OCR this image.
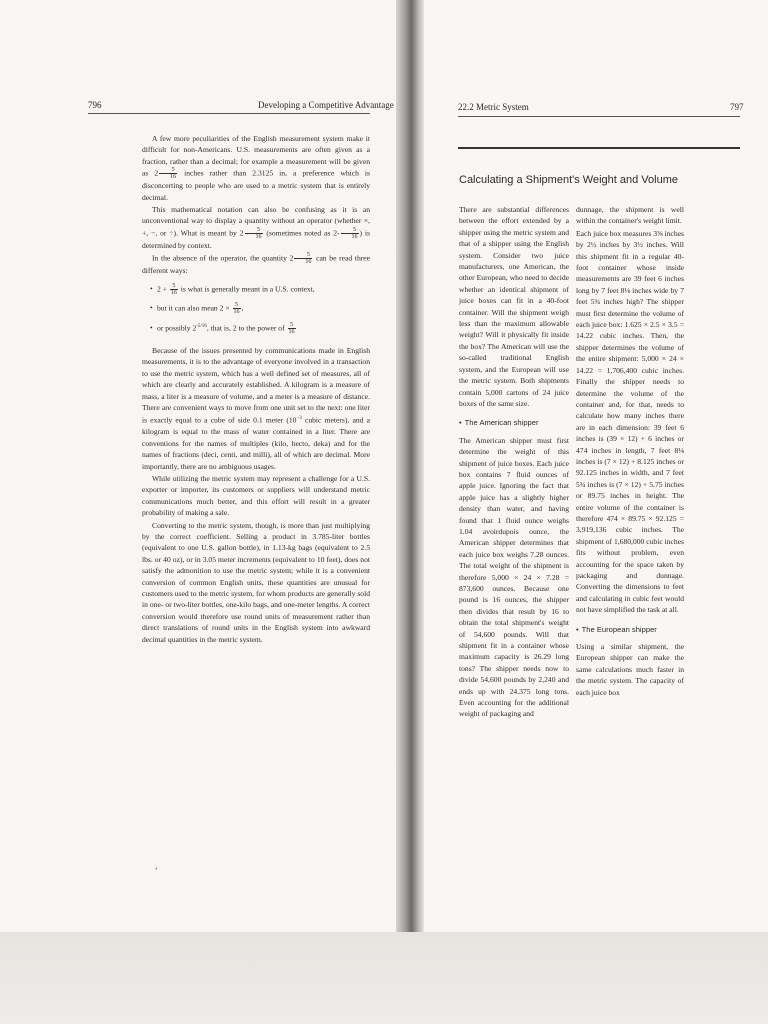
796	Developing a Competitive Advantage

A few more peculiarities of the English measurement system make it difficult for non-Americans. U.S. measurements are often given as a fraction, rather than a decimal; for example a measurement will be given as $2 \frac{5}{16}$ inches rather than 2.3125 in, a preference which is disconcerting to people who are used to a metric system that is entirely decimal.

This mathematical notation can also be confusing as it is an unconventional way to display a quantity without an operator (whether ×, +, −, or ÷). What is meant by $2 \frac{5}{16}$ (sometimes noted as $2- \frac{5}{16}$ ) is determined by context.

In the absence of the operator, the quantity $2 \frac{5}{16}$ can be read three different ways:

• $2 + \frac{5}{16}$ is what is generally meant in a U.S. context,
• but it can also mean $2 \times \frac{5}{16}$ ,
• or possibly $2^{-5/16}$, that is, 2 to the power of $\frac{5}{16}$

Because of the issues presented by communications made in English measurements, it is to the advantage of everyone involved in a transaction to use the metric system, which has a well defined set of measures, all of which are clearly and accurately established. A kilogram is a measure of mass, a liter is a measure of volume, and a meter is a measure of distance. There are convenient ways to move from one unit set to the next: one liter is exactly equal to a cube of side 0.1 meter ($10^{-3}$ cubic meters), and a kilogram is equal to the mass of water contained in a liter. There are conventions for the names of multiples (kilo, hecto, deka) and for the names of fractions (deci, centi, and milli), all of which are decimal. More importantly, there are no ambiguous usages.

While utilizing the metric system may represent a challenge for a U.S. exporter or importer, its customers or suppliers will understand metric communications much better, and this effort will result in a greater probability of making a sale.

Converting to the metric system, though, is more than just multiplying by the correct coefficient. Selling a product in 3.785-liter bottles (equivalent to one U.S. gallon bottle), in 1.13-kg bags (equivalent to 2.5 lbs. or 40 oz), or in 3.05 meter increments (equivalent to 10 feet), does not satisfy the admonition to use the metric system; while it is a convenient conversion of common English units, these quantities are unusual for customers used to the metric system, for whom products are generally sold in one- or two-liter bottles, one-kilo bags, and one-meter lengths. A correct conversion would therefore use round units of measurement rather than direct translations of round units in the English system into awkward decimal quantities in the metric system.

‘
22.2 Metric System	797
Calculating a Shipment's Weight and Volume

There are substantial differences between the effort extended by a shipper using the metric system and that of a shipper using the English system. Consider two juice manufacturers, one American, the other European, who need to decide whether an identical shipment of juice boxes can fit in a 40-foot container. Will the shipment weigh less than the maximum allowable weight? Will it physically fit inside the box? The American will use the so-called traditional English system, and the European will use the metric system. Both shipments contain 5,000 cartons of 24 juice boxes of the same size.

• The American shipper

The American shipper must first determine the weight of this shipment of juice boxes. Each juice box contains 7 fluid ounces of apple juice. Ignoring the fact that apple juice has a slightly higher density than water, and having found that 1 fluid ounce weighs 1.04 avoirdupois ounce, the American shipper determines that each juice box weighs 7.28 ounces. The total weight of the shipment is therefore 5,000 × 24 × 7.28 = 873,600 ounces. Because one pound is 16 ounces, the shipper then divides that result by 16 to obtain the total shipment's weight of 54,600 pounds. Will that shipment fit in a container whose maximum capacity is 26.29 long tons? The shipper needs now to divide 54,600 pounds by 2,240 and ends up with 24.375 long tons. Even accounting for the additional weight of packaging and

dunnage, the shipment is well within the container's weight limit.

Each juice box measures 3⅝ inches by 2½ inches by 3½ inches. Will this shipment fit in a regular 40-foot container whose inside measurements are 39 feet 6 inches long by 7 feet 8⅛ inches wide by 7 feet 5¾ inches high? The shipper must first determine the volume of each juice box: 1.625 × 2.5 × 3.5 = 14.22 cubic inches. Then, the shipper determines the volume of the entire shipment: 5,000 × 24 × 14.22 = 1,706,400 cubic inches. Finally the shipper needs to determine the volume of the container and, for that, needs to calculate how many inches there are in each dimension: 39 feet 6 inches is (39 × 12) + 6 inches or 474 inches in length, 7 feet 8⅛ inches is (7 × 12) + 8.125 inches or 92.125 inches in width, and 7 feet 5¾ inches is (7 × 12) + 5.75 inches or 89.75 inches in height. The entire volume of the container is therefore 474 × 89.75 × 92.125 = 3,919,136 cubic inches. The shipment of 1,680,000 cubic inches fits without problem, even accounting for the space taken by packaging and dunnage. Converting the dimensions to feet and calculating in cubic feet would not have simplified the task at all.

• The European shipper

Using a similar shipment, the European shipper can make the same calculations much faster in the metric system. The capacity of each juice box
